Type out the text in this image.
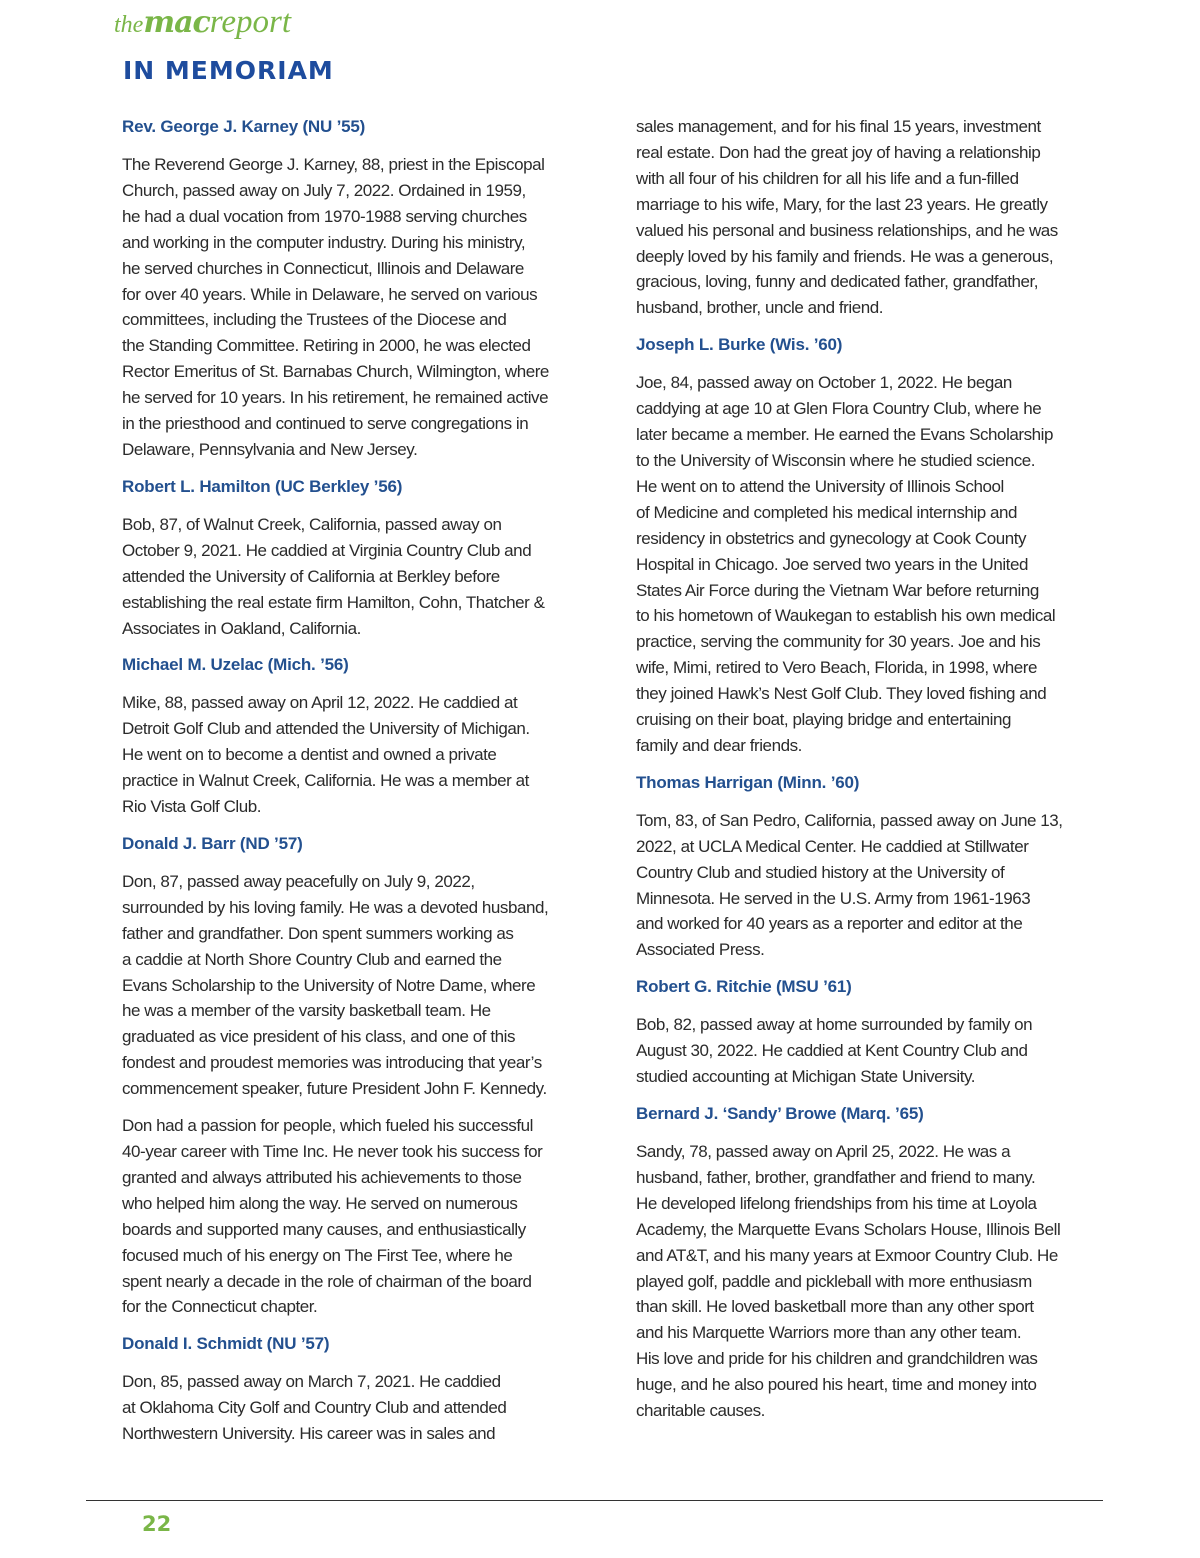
themacreport
IN MEMORIAM
Rev. George J. Karney (NU ’55)

The Reverend George J. Karney, 88, priest in the Episcopal
Church, passed away on July 7, 2022. Ordained in 1959,
he had a dual vocation from 1970-1988 serving churches
and working in the computer industry. During his ministry,
he served churches in Connecticut, Illinois and Delaware
for over 40 years. While in Delaware, he served on various
committees, including the Trustees of the Diocese and
the Standing Committee. Retiring in 2000, he was elected
Rector Emeritus of St. Barnabas Church, Wilmington, where
he served for 10 years. In his retirement, he remained active
in the priesthood and continued to serve congregations in
Delaware, Pennsylvania and New Jersey.

Robert L. Hamilton (UC Berkley ’56)

Bob, 87, of Walnut Creek, California, passed away on
October 9, 2021. He caddied at Virginia Country Club and
attended the University of California at Berkley before
establishing the real estate firm Hamilton, Cohn, Thatcher &
Associates in Oakland, California.

Michael M. Uzelac (Mich. ’56)

Mike, 88, passed away on April 12, 2022. He caddied at
Detroit Golf Club and attended the University of Michigan.
He went on to become a dentist and owned a private
practice in Walnut Creek, California. He was a member at
Rio Vista Golf Club.

Donald J. Barr (ND ’57)

Don, 87, passed away peacefully on July 9, 2022,
surrounded by his loving family. He was a devoted husband,
father and grandfather. Don spent summers working as
a caddie at North Shore Country Club and earned the
Evans Scholarship to the University of Notre Dame, where
he was a member of the varsity basketball team. He
graduated as vice president of his class, and one of this
fondest and proudest memories was introducing that year’s
commencement speaker, future President John F. Kennedy.

Don had a passion for people, which fueled his successful
40-year career with Time Inc. He never took his success for
granted and always attributed his achievements to those
who helped him along the way. He served on numerous
boards and supported many causes, and enthusiastically
focused much of his energy on The First Tee, where he
spent nearly a decade in the role of chairman of the board
for the Connecticut chapter.

Donald I. Schmidt (NU ’57)

Don, 85, passed away on March 7, 2021. He caddied
at Oklahoma City Golf and Country Club and attended
Northwestern University. His career was in sales and

sales management, and for his final 15 years, investment
real estate. Don had the great joy of having a relationship
with all four of his children for all his life and a fun-filled
marriage to his wife, Mary, for the last 23 years. He greatly
valued his personal and business relationships, and he was
deeply loved by his family and friends. He was a generous,
gracious, loving, funny and dedicated father, grandfather,
husband, brother, uncle and friend.

Joseph L. Burke (Wis. ’60)

Joe, 84, passed away on October 1, 2022. He began
caddying at age 10 at Glen Flora Country Club, where he
later became a member. He earned the Evans Scholarship
to the University of Wisconsin where he studied science.
He went on to attend the University of Illinois School
of Medicine and completed his medical internship and
residency in obstetrics and gynecology at Cook County
Hospital in Chicago. Joe served two years in the United
States Air Force during the Vietnam War before returning
to his hometown of Waukegan to establish his own medical
practice, serving the community for 30 years. Joe and his
wife, Mimi, retired to Vero Beach, Florida, in 1998, where
they joined Hawk’s Nest Golf Club. They loved fishing and
cruising on their boat, playing bridge and entertaining
family and dear friends.

Thomas Harrigan (Minn. ’60)

Tom, 83, of San Pedro, California, passed away on June 13,
2022, at UCLA Medical Center. He caddied at Stillwater
Country Club and studied history at the University of
Minnesota. He served in the U.S. Army from 1961-1963
and worked for 40 years as a reporter and editor at the
Associated Press.

Robert G. Ritchie (MSU ’61)

Bob, 82, passed away at home surrounded by family on
August 30, 2022. He caddied at Kent Country Club and
studied accounting at Michigan State University.

Bernard J. ‘Sandy’ Browe (Marq. ’65)

Sandy, 78, passed away on April 25, 2022. He was a
husband, father, brother, grandfather and friend to many.
He developed lifelong friendships from his time at Loyola
Academy, the Marquette Evans Scholars House, Illinois Bell
and AT&T, and his many years at Exmoor Country Club. He
played golf, paddle and pickleball with more enthusiasm
than skill. He loved basketball more than any other sport
and his Marquette Warriors more than any other team.
His love and pride for his children and grandchildren was
huge, and he also poured his heart, time and money into
charitable causes.

22
